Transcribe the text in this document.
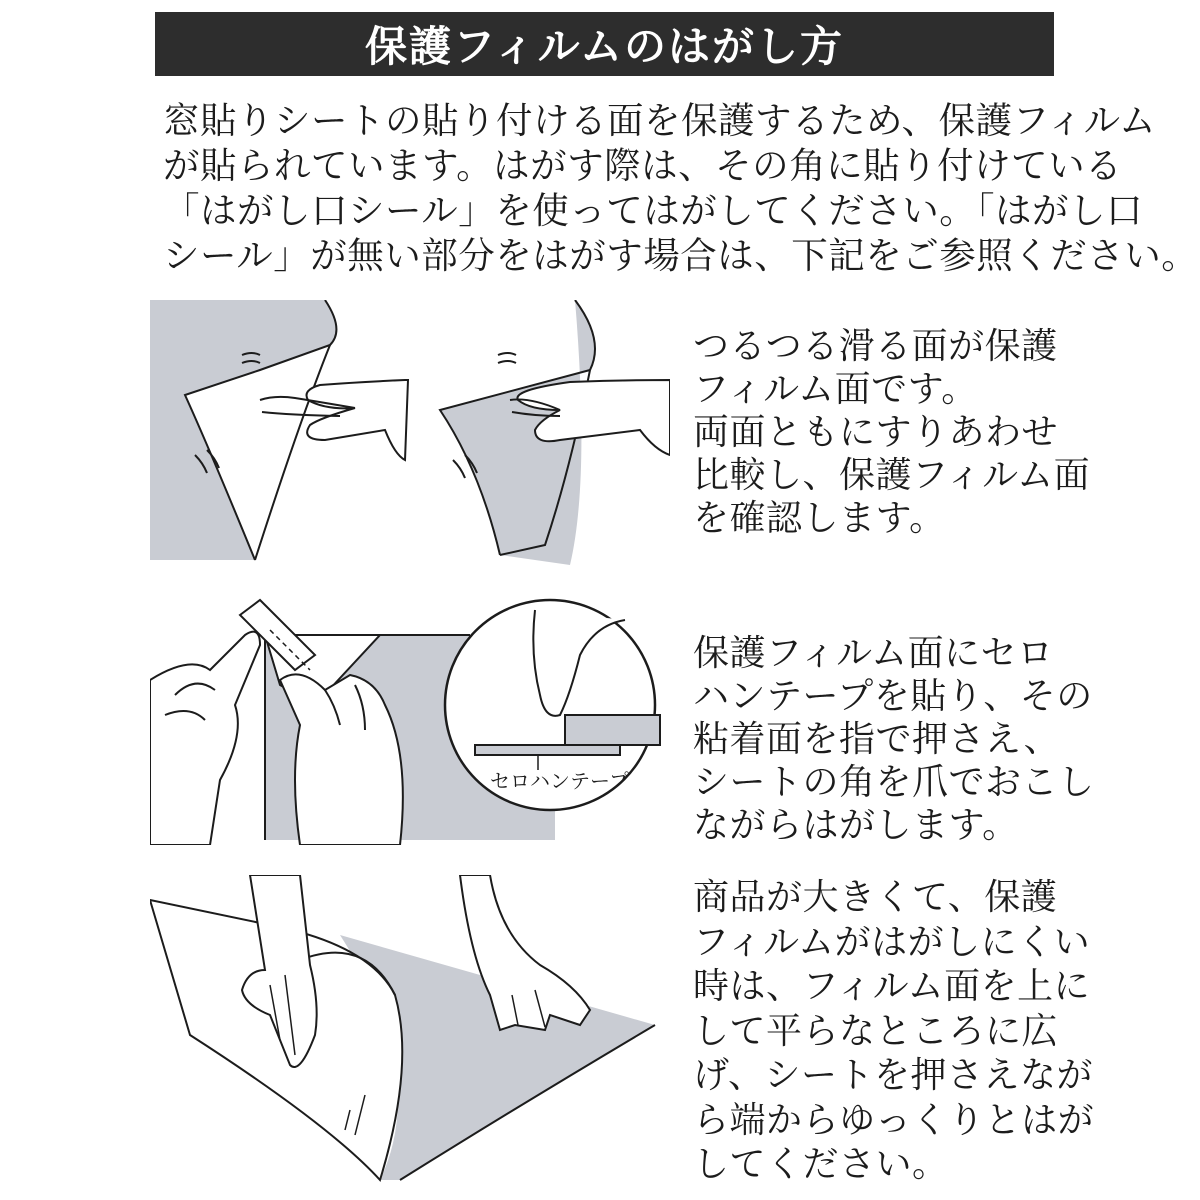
保護フィルムのはがし方
窓貼りシートの貼り付ける面を保護するため、保護フィルム
が貼られています。はがす際は、その角に貼り付けている
「はがし口シール」を使ってはがしてください。「はがし口
シール」が無い部分をはがす場合は、下記をご参照ください。
つるつる滑る面が保護
フィルム面です。
両面ともにすりあわせ
比較し、保護フィルム面
を確認します。
セロハンテープ
保護フィルム面にセロ
ハンテープを貼り、その
粘着面を指で押さえ、
シートの角を爪でおこし
ながらはがします。
商品が大きくて、保護
フィルムがはがしにくい
時は、フィルム面を上に
して平らなところに広
げ、シートを押さえなが
ら端からゆっくりとはが
してください。
